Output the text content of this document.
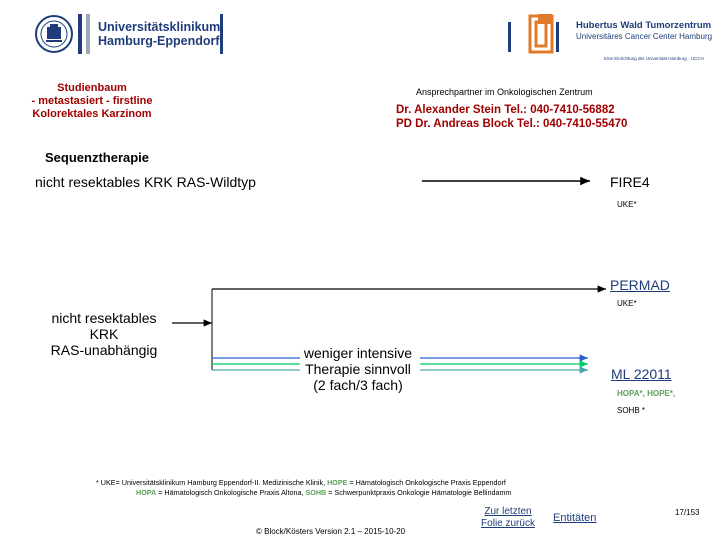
Universitätsklinikum
Hamburg-Eppendorf
Hubertus Wald Tumorzentrum
Universitäres Cancer Center Hamburg
Eine Einrichtung der Universität Hamburg · UCCH
Studienbaum
- metastasiert - firstline
Kolorektales Karzinom
Ansprechpartner im Onkologischen Zentrum
Dr. Alexander Stein Tel.: 040-7410-56882
PD Dr. Andreas Block Tel.: 040-7410-55470
Sequenztherapie
nicht resektables KRK RAS-Wildtyp	FIRE4
UKE*
PERMAD
UKE*
nicht resektables KRK
RAS-unabhängig	weniger intensive
Therapie sinnvoll
(2 fach/3 fach)
ML 22011
HOPA*, HOPE*,
SOHB *
* UKE= Universitätsklinikum Hamburg Eppendorf-II. Medizinische Klinik, HOPE = Hämatologisch Onkologische Praxis Eppendorf
HOPA = Hämatologisch Onkologische Praxis Altona, SOHB = Schwerpunktpraxis Onkologie Hämatologie Bellindamm
© Block/Kösters Version 2.1 – 2015-10-20
Zur letzten
Folie zurück	Entitäten	17/153
